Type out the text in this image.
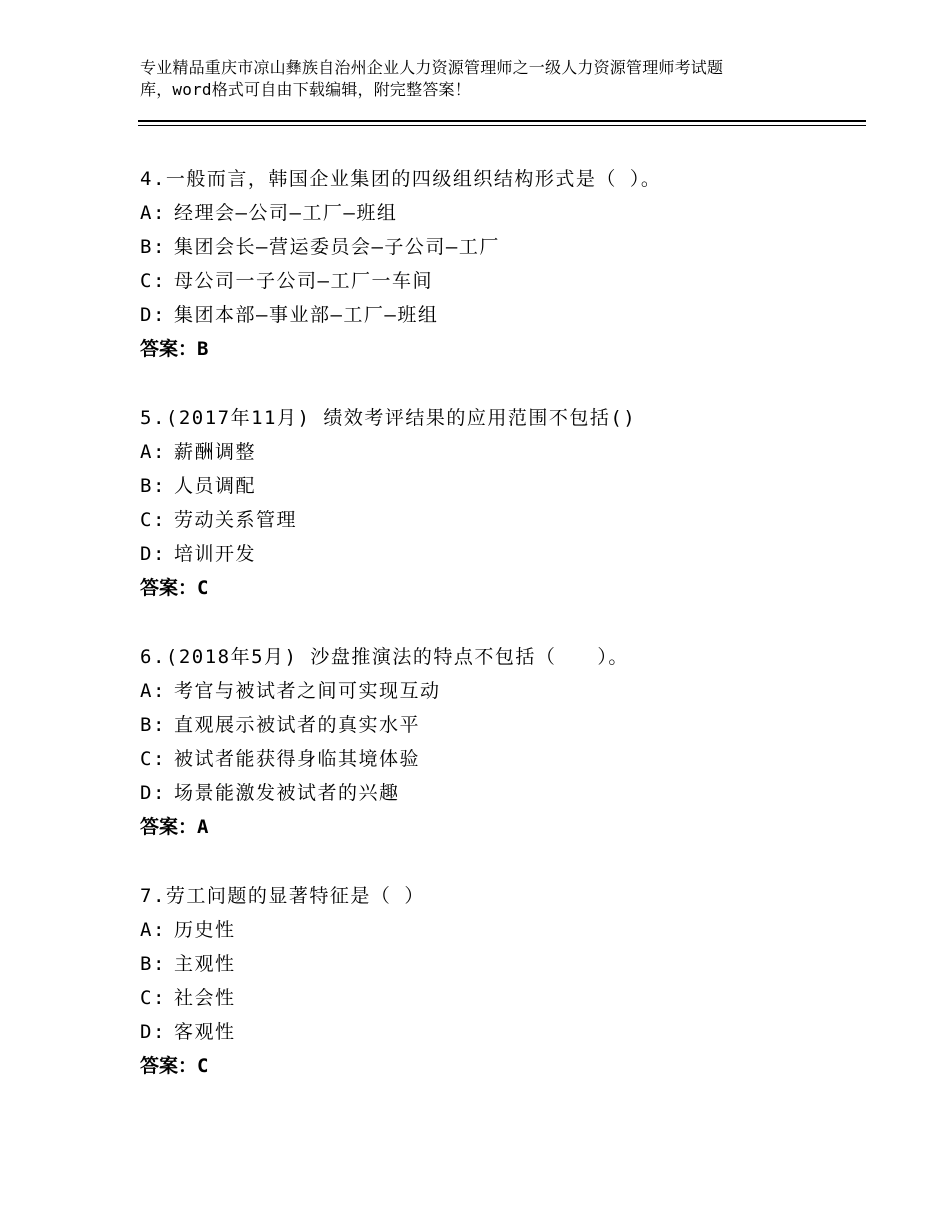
专业精品重庆市凉山彝族自治州企业人力资源管理师之一级人力资源管理师考试题
库，word格式可自由下载编辑，附完整答案！
4.一般而言，韩国企业集团的四级组织结构形式是（ ）。
A: 经理会—公司—工厂—班组
B: 集团会长—营运委员会—子公司—工厂
C: 母公司一子公司—工厂一车间
D: 集团本部—事业部—工厂—班组
答案：B
5.(2017年11月) 绩效考评结果的应用范围不包括()
A: 薪酬调整
B: 人员调配
C: 劳动关系管理
D: 培训开发
答案：C
6.(2018年5月) 沙盘推演法的特点不包括（　　）。
A: 考官与被试者之间可实现互动
B: 直观展示被试者的真实水平
C: 被试者能获得身临其境体验
D: 场景能激发被试者的兴趣
答案：A
7.劳工问题的显著特征是（ ）
A: 历史性
B: 主观性
C: 社会性
D: 客观性
答案：C
